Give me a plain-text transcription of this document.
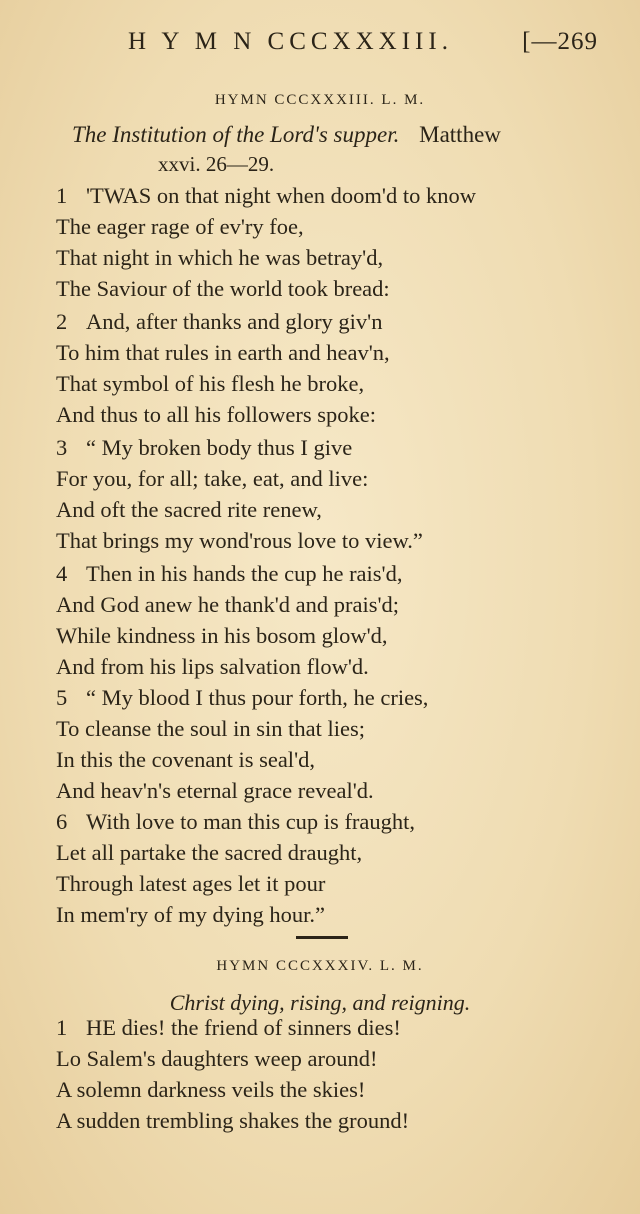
H Y M N CCCXXXIII.	[—269
HYMN CCCXXXIII. L. M.
The Institution of the Lord's supper. Matthew
xxvi. 26—29.
1 'TWAS on that night when doom'd to know
The eager rage of ev'ry foe,
That night in which he was betray'd,
The Saviour of the world took bread:
2 And, after thanks and glory giv'n
To him that rules in earth and heav'n,
That symbol of his flesh he broke,
And thus to all his followers spoke:
3 “ My broken body thus I give
For you, for all; take, eat, and live:
And oft the sacred rite renew,
That brings my wond'rous love to view.”
4 Then in his hands the cup he rais'd,
And God anew he thank'd and prais'd;
While kindness in his bosom glow'd,
And from his lips salvation flow'd.
5 “ My blood I thus pour forth, he cries,
To cleanse the soul in sin that lies;
In this the covenant is seal'd,
And heav'n's eternal grace reveal'd.
6 With love to man this cup is fraught,
Let all partake the sacred draught,
Through latest ages let it pour
In mem'ry of my dying hour.”
HYMN CCCXXXIV. L. M.
Christ dying, rising, and reigning.
1 HE dies! the friend of sinners dies!
Lo Salem's daughters weep around!
A solemn darkness veils the skies!
A sudden trembling shakes the ground!
